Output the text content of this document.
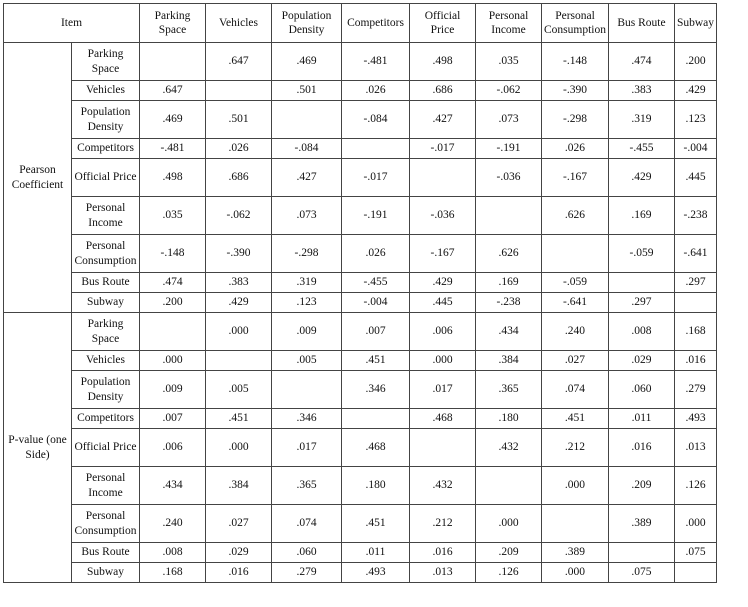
Item		Parking Space	Vehicles	Population Density	Competitors	Official Price	Personal Income	Personal Consumption	Bus Route	Subway
Pearson Coefficient	Parking Space		.647	.469	-.481	.498	.035	-.148	.474	.200
	Vehicles	.647		.501	.026	.686	-.062	-.390	.383	.429
	Population Density	.469	.501		-.084	.427	.073	-.298	.319	.123
	Competitors	-.481	.026	-.084		-.017	-.191	.026	-.455	-.004
	Official Price	.498	.686	.427	-.017		-.036	-.167	.429	.445
	Personal Income	.035	-.062	.073	-.191	-.036		.626	.169	-.238
	Personal Consumption	-.148	-.390	-.298	.026	-.167	.626		-.059	-.641
	Bus Route	.474	.383	.319	-.455	.429	.169	-.059		.297
	Subway	.200	.429	.123	-.004	.445	-.238	-.641	.297	
P-value (one Side)	Parking Space		.000	.009	.007	.006	.434	.240	.008	.168
	Vehicles	.000		.005	.451	.000	.384	.027	.029	.016
	Population Density	.009	.005		.346	.017	.365	.074	.060	.279
	Competitors	.007	.451	.346		.468	.180	.451	.011	.493
	Official Price	.006	.000	.017	.468		.432	.212	.016	.013
	Personal Income	.434	.384	.365	.180	.432		.000	.209	.126
	Personal Consumption	.240	.027	.074	.451	.212	.000		.389	.000
	Bus Route	.008	.029	.060	.011	.016	.209	.389		.075
	Subway	.168	.016	.279	.493	.013	.126	.000	.075	
